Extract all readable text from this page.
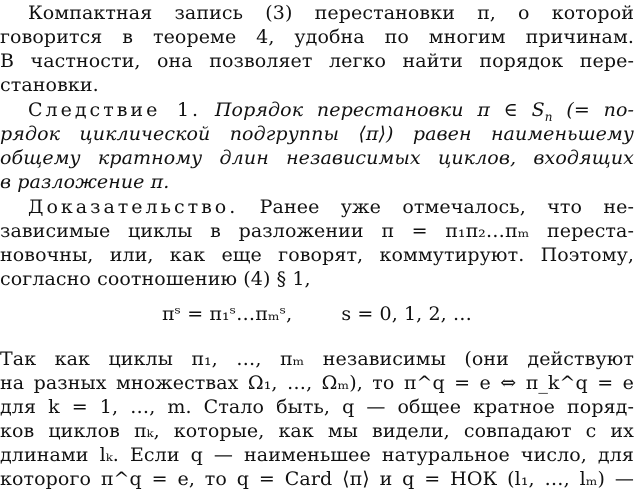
Компактная запись (3) перестановки π, о которой
говорится в теореме 4, удобна по многим причинам.
В частности, она позволяет легко найти порядок пере-
становки.
Следствие 1. Порядок перестановки π ∈ $S_n$ (= по-
рядок циклической подгруппы ⟨π⟩) равен наименьшему
общему кратному длин независимых циклов, входящих
в разложение π.
Доказательство. Ранее уже отмечалось, что не-
зависимые циклы в разложении π = π₁π₂…πₘ переста-
новочны, или, как еще говорят, коммутируют. Поэтому,
согласно соотношению (4) § 1,
πˢ = π₁ˢ…πₘˢ,        s = 0, 1, 2, …
Так как циклы π₁, …, πₘ независимы (они действуют
на разных множествах Ω₁, …, Ωₘ), то π^q = e ⇔ π_k^q = e
для k = 1, …, m. Стало быть, q — общее кратное поряд-
ков циклов πₖ, которые, как мы видели, совпадают с их
длинами lₖ. Если q — наименьшее натуральное число, для
которого π^q = e, то q = Card ⟨π⟩ и q = НОК (l₁, …, lₘ) —
